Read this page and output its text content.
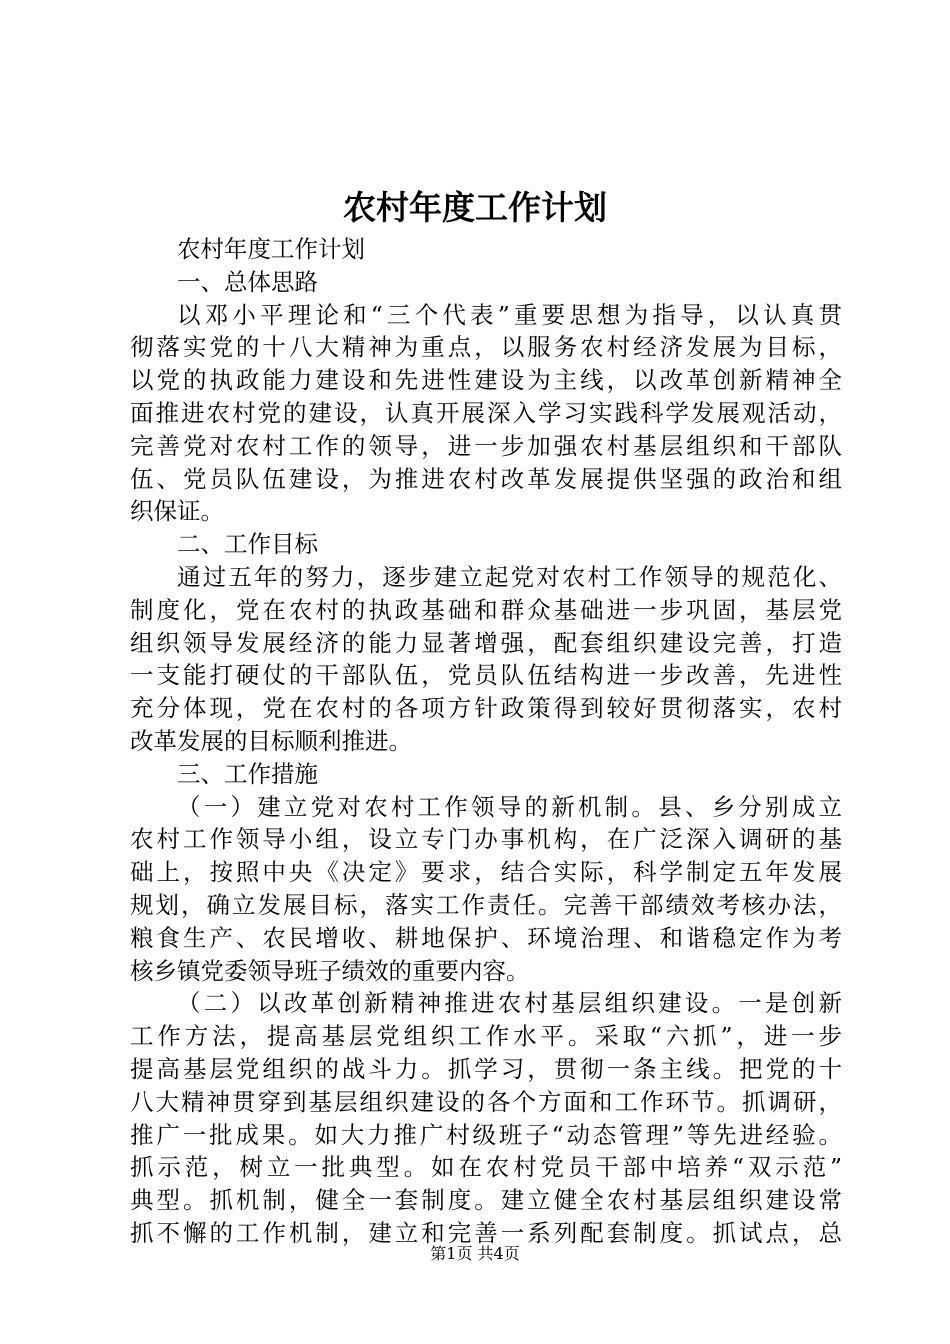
农村年度工作计划
农村年度工作计划
一、总体思路
以邓小平理论和“三个代表”重要思想为指导，以认真贯
彻落实党的十八大精神为重点，以服务农村经济发展为目标，
以党的执政能力建设和先进性建设为主线，以改革创新精神全
面推进农村党的建设，认真开展深入学习实践科学发展观活动，
完善党对农村工作的领导，进一步加强农村基层组织和干部队
伍、党员队伍建设，为推进农村改革发展提供坚强的政治和组
织保证。
二、工作目标
通过五年的努力，逐步建立起党对农村工作领导的规范化、
制度化，党在农村的执政基础和群众基础进一步巩固，基层党
组织领导发展经济的能力显著增强，配套组织建设完善，打造
一支能打硬仗的干部队伍，党员队伍结构进一步改善，先进性
充分体现，党在农村的各项方针政策得到较好贯彻落实，农村
改革发展的目标顺利推进。
三、工作措施
（一）建立党对农村工作领导的新机制。县、乡分别成立
农村工作领导小组，设立专门办事机构，在广泛深入调研的基
础上，按照中央《决定》要求，结合实际，科学制定五年发展
规划，确立发展目标，落实工作责任。完善干部绩效考核办法，
粮食生产、农民增收、耕地保护、环境治理、和谐稳定作为考
核乡镇党委领导班子绩效的重要内容。
（二）以改革创新精神推进农村基层组织建设。一是创新
工作方法，提高基层党组织工作水平。采取“六抓”，进一步
提高基层党组织的战斗力。抓学习，贯彻一条主线。把党的十
八大精神贯穿到基层组织建设的各个方面和工作环节。抓调研，
推广一批成果。如大力推广村级班子“动态管理”等先进经验。
抓示范，树立一批典型。如在农村党员干部中培养“双示范”
典型。抓机制，健全一套制度。建立健全农村基层组织建设常
抓不懈的工作机制，建立和完善一系列配套制度。抓试点，总
第1页 共4页
